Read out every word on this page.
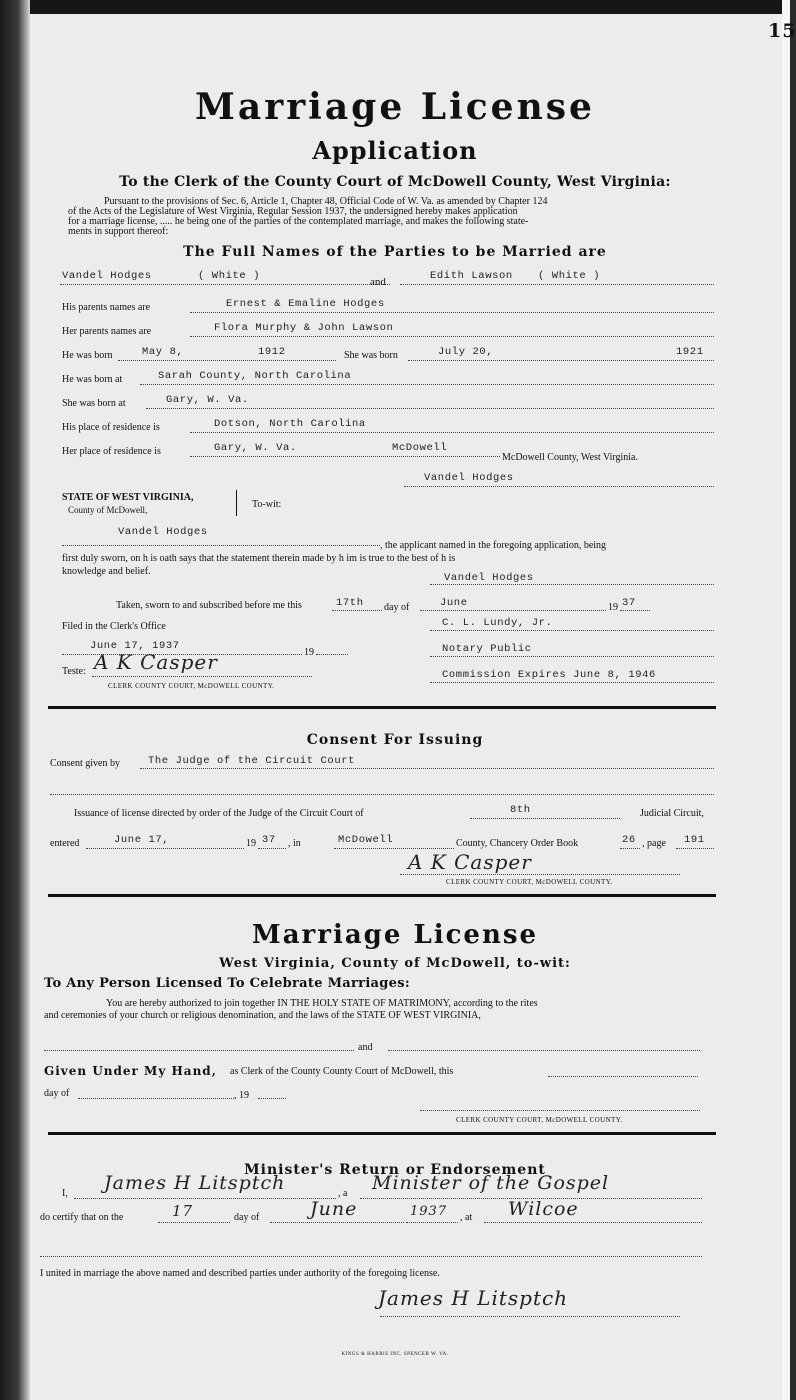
15
Marriage License
Application
To the Clerk of the County Court of McDowell County, West Virginia:
Pursuant to the provisions of Sec. 6, Article 1, Chapter 48, Official Code of W. Va. as amended by Chapter 124
of the Acts of the Legislature of West Virginia, Regular Session 1937, the undersigned hereby makes application
for a marriage license, ..... he being one of the parties of the contemplated marriage, and makes the following state-
ments in support thereof:
The Full Names of the Parties to be Married are
Vandel Hodges	( White )	and	Edith Lawson ( White )
His parents names are	Ernest & Emaline Hodges
Her parents names are	Flora Murphy & John Lawson
He was born	May 8,	1912	She was born	July 20,	1921
He was born at	Sarah County, North Carolina
She was born at	Gary, W. Va.
His place of residence is	Dotson, North Carolina
Her place of residence is	Gary, W. Va.	McDowell
McDowell County, West Virginia.
Vandel Hodges
STATE OF WEST VIRGINIA,
County of McDowell,	To-wit:
Vandel Hodges
, the applicant named in the foregoing application, being
first duly sworn, on h is oath says that the statement therein made by h im is true to the best of h is
knowledge and belief.
Vandel Hodges
Taken, sworn to and subscribed before me this	17th day of	June	19 37
Filed in the Clerk's Office
June 17, 1937
19
C. L. Lundy, Jr.
Notary Public
Commission Expires June 8, 1946
Teste: A K Casper
CLERK COUNTY COURT, McDOWELL COUNTY.
Consent For Issuing
Consent given by	The Judge of the Circuit Court
Issuance of license directed by order of the Judge of the Circuit Court of	8th	Judicial Circuit,
entered	June 17,	19 37 , in	McDowell	County, Chancery Order Book	26 , page 191
A K Casper
CLERK COUNTY COURT, McDOWELL COUNTY.
Marriage License
West Virginia, County of McDowell, to-wit:
To Any Person Licensed To Celebrate Marriages:
You are hereby authorized to join together IN THE HOLY STATE OF MATRIMONY, according to the rites
and ceremonies of your church or religious denomination, and the laws of the STATE OF WEST VIRGINIA,
and
Given Under My Hand, as Clerk of the County County Court of McDowell, this
day of	, 19
CLERK COUNTY COURT, McDOWELL COUNTY.
Minister's Return or Endorsement
I, James H Litsptch	, a Minister of the Gospel
do certify that on the	17	day of	June	1937 , at Wilcoe
I united in marriage the above named and described parties under authority of the foregoing license.
James H Litsptch
KINGS & HARRIS INC. SPENCER W. VA.
